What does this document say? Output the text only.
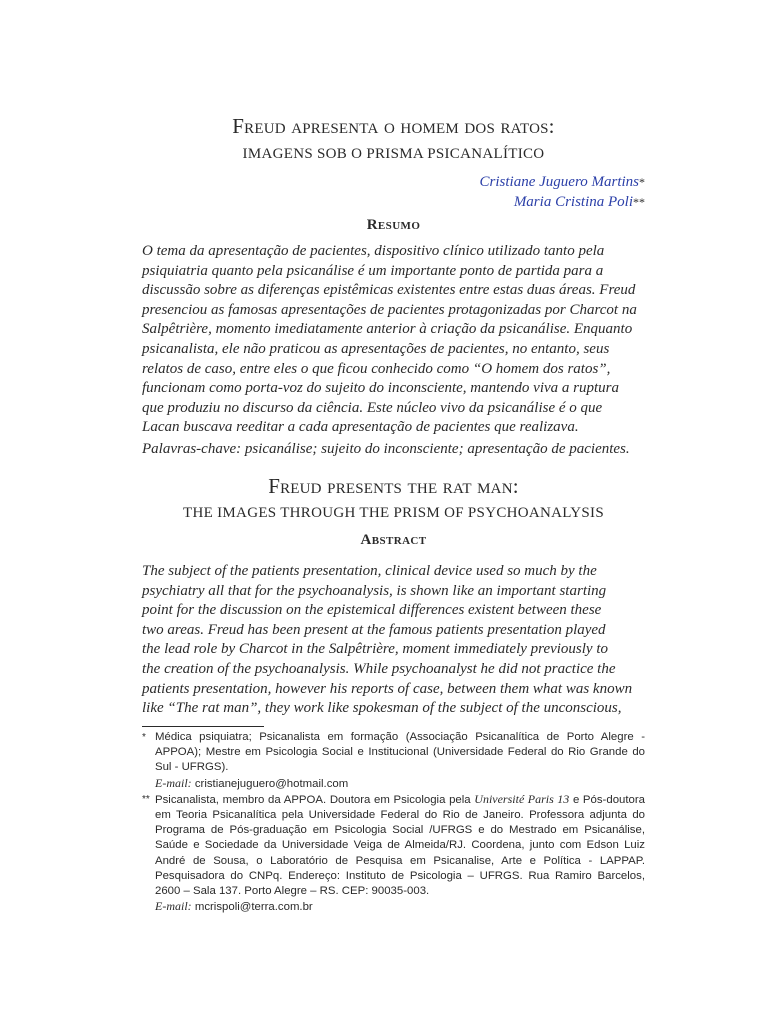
Freud apresenta o homem dos ratos:
IMAGENS SOB O PRISMA PSICANALÍTICO
Cristiane Juguero Martins*
Maria Cristina Poli**
Resumo
O tema da apresentação de pacientes, dispositivo clínico utilizado tanto pela
psiquiatria quanto pela psicanálise é um importante ponto de partida para a
discussão sobre as diferenças epistêmicas existentes entre estas duas áreas. Freud
presenciou as famosas apresentações de pacientes protagonizadas por Charcot na
Salpêtrière, momento imediatamente anterior à criação da psicanálise. Enquanto
psicanalista, ele não praticou as apresentações de pacientes, no entanto, seus
relatos de caso, entre eles o que ficou conhecido como “O homem dos ratos”,
funcionam como porta-voz do sujeito do inconsciente, mantendo viva a ruptura
que produziu no discurso da ciência. Este núcleo vivo da psicanálise é o que
Lacan buscava reeditar a cada apresentação de pacientes que realizava.
Palavras-chave: psicanálise; sujeito do inconsciente; apresentação de pacientes.
Freud presents the rat man:
THE IMAGES THROUGH THE PRISM OF PSYCHOANALYSIS
Abstract
The subject of the patients presentation, clinical device used so much by the
psychiatry all that for the psychoanalysis, is shown like an important starting
point for the discussion on the epistemical differences existent between these
two areas. Freud has been present at the famous patients presentation played
the lead role by Charcot in the Salpêtrière, moment immediately previously to
the creation of the psychoanalysis. While psychoanalyst he did not practice the
patients presentation, however his reports of case, between them what was known
like “The rat man”, they work like spokesman of the subject of the unconscious,
* Médica psiquiatra; Psicanalista em formação (Associação Psicanalítica de Porto Alegre - APPOA); Mestre em Psicologia Social e Institucional (Universidade Federal do Rio Grande do Sul - UFRGS).

E-mail: cristianejuguero@hotmail.com

** Psicanalista, membro da APPOA. Doutora em Psicologia pela Université Paris 13 e Pós-doutora em Teoria Psicanalítica pela Universidade Federal do Rio de Janeiro. Professora adjunta do Programa de Pós-graduação em Psicologia Social /UFRGS e do Mestrado em Psicanálise, Saúde e Sociedade da Universidade Veiga de Almeida/RJ. Coordena, junto com Edson Luiz André de Sousa, o Laboratório de Pesquisa em Psicanalise, Arte e Política - LAPPAP. Pesquisadora do CNPq. Endereço: Instituto de Psicologia – UFRGS. Rua Ramiro Barcelos, 2600 – Sala 137. Porto Alegre – RS. CEP: 90035-003.

E-mail: mcrispoli@terra.com.br
